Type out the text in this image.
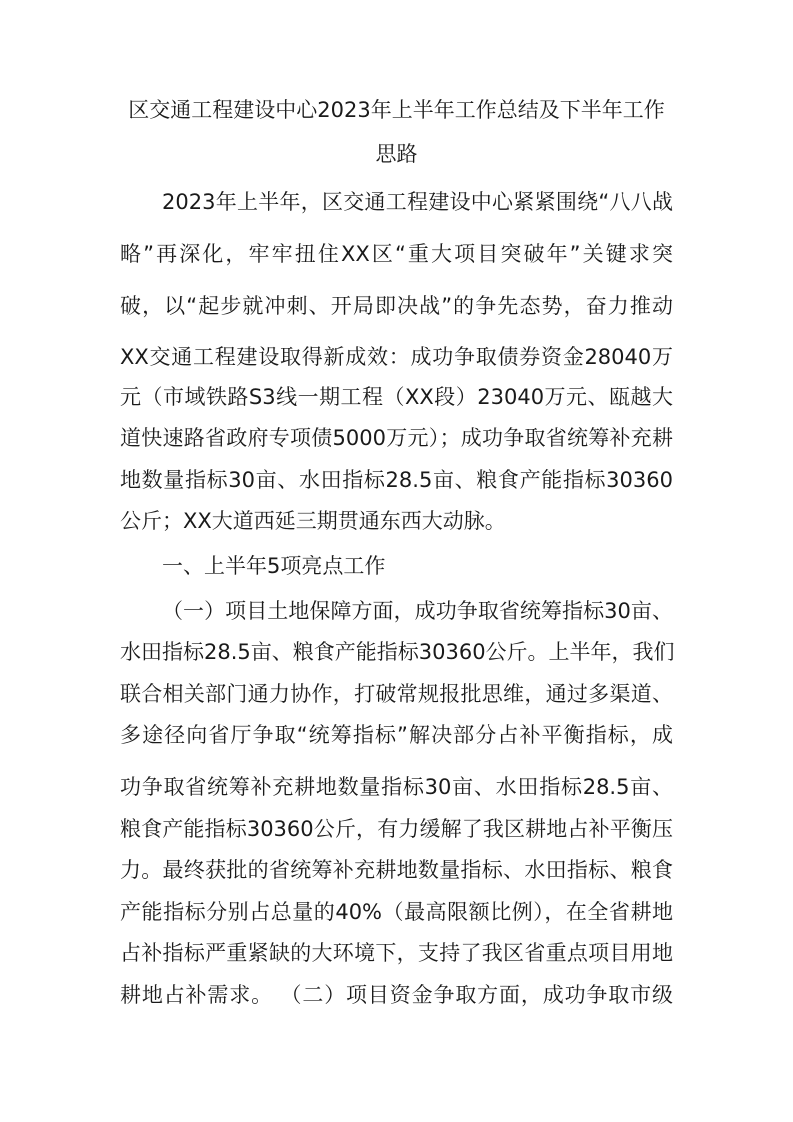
区交通工程建设中心2023年上半年工作总结及下半年工作
思路
2023年上半年，区交通工程建设中心紧紧围绕“八八战
略”再深化，牢牢扭住XX区“重大项目突破年”关键求突
破，以“起步就冲刺、开局即决战”的争先态势，奋力推动
XX交通工程建设取得新成效：成功争取债券资金28040万
元（市域铁路S3线一期工程（XX段）23040万元、瓯越大
道快速路省政府专项债5000万元）；成功争取省统筹补充耕
地数量指标30亩、水田指标28.5亩、粮食产能指标30360
公斤；XX大道西延三期贯通东西大动脉。
一、上半年5项亮点工作
（一）项目土地保障方面，成功争取省统筹指标30亩、
水田指标28.5亩、粮食产能指标30360公斤。上半年，我们
联合相关部门通力协作，打破常规报批思维，通过多渠道、
多途径向省厅争取“统筹指标”解决部分占补平衡指标，成
功争取省统筹补充耕地数量指标30亩、水田指标28.5亩、
粮食产能指标30360公斤，有力缓解了我区耕地占补平衡压
力。最终获批的省统筹补充耕地数量指标、水田指标、粮食
产能指标分别占总量的40%（最高限额比例），在全省耕地
占补指标严重紧缺的大环境下，支持了我区省重点项目用地
耕地占补需求。 （二）项目资金争取方面，成功争取市级
